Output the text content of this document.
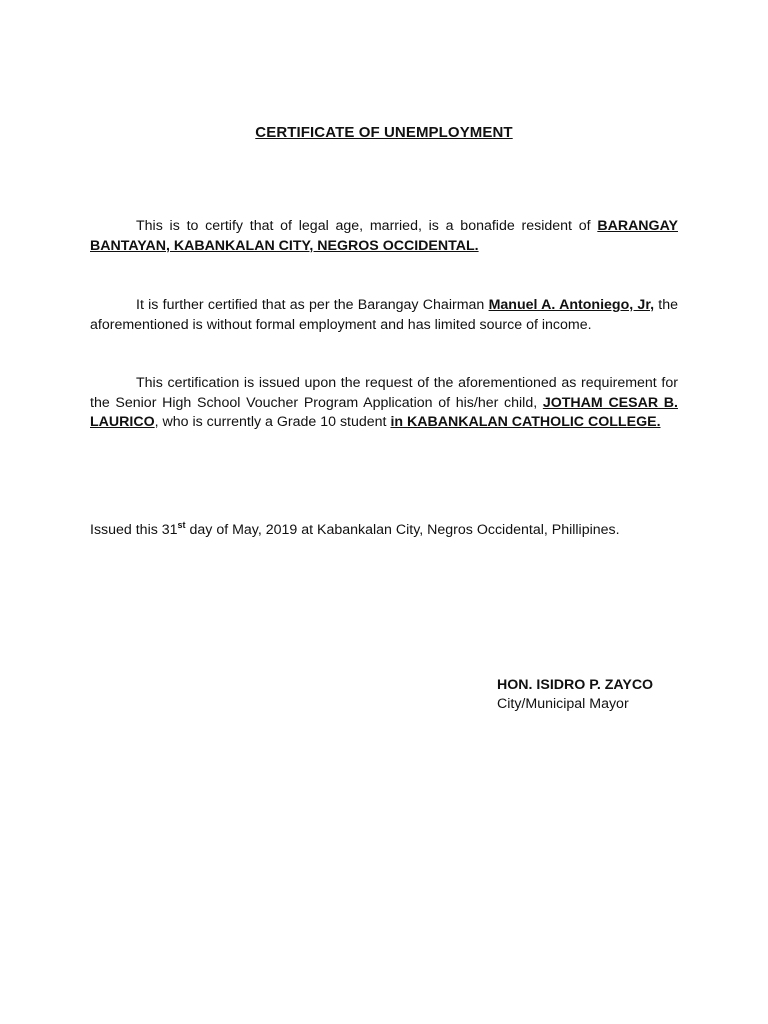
CERTIFICATE OF UNEMPLOYMENT

This is to certify that of legal age, married, is a bonafide resident of BARANGAY BANTAYAN, KABANKALAN CITY, NEGROS OCCIDENTAL.

It is further certified that as per the Barangay Chairman Manuel A. Antoniego, Jr, the aforementioned is without formal employment and has limited source of income.

This certification is issued upon the request of the aforementioned as requirement for the Senior High School Voucher Program Application of his/her child, JOTHAM CESAR B. LAURICO, who is currently a Grade 10 student in KABANKALAN CATHOLIC COLLEGE.

Issued this 31st day of May, 2019 at Kabankalan City, Negros Occidental, Phillipines.

HON. ISIDRO P. ZAYCO
City/Municipal Mayor
